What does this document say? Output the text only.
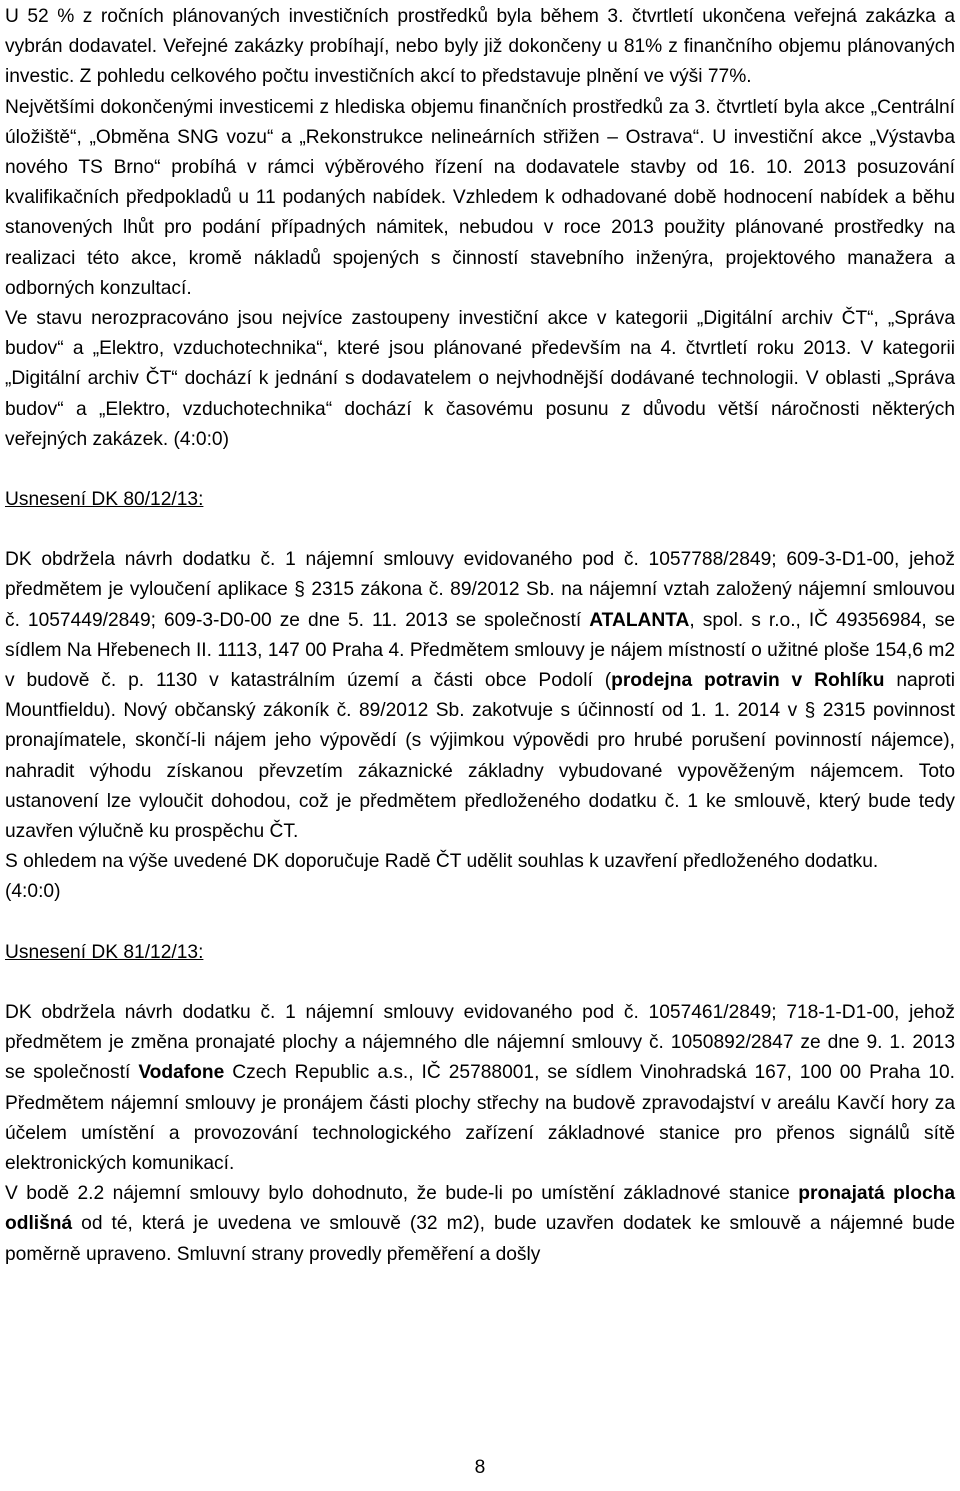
U 52 % z ročních plánovaných investičních prostředků byla během 3. čtvrtletí ukončena veřejná zakázka a vybrán dodavatel. Veřejné zakázky probíhají, nebo byly již dokončeny u 81% z finančního objemu plánovaných investic. Z pohledu celkového počtu investičních akcí to představuje plnění ve výši 77%.

Největšími dokončenými investicemi z hlediska objemu finančních prostředků za 3. čtvrtletí byla akce „Centrální úložiště“, „Obměna SNG vozu“ a „Rekonstrukce nelineárních střižen – Ostrava“. U investiční akce „Výstavba nového TS Brno“ probíhá v rámci výběrového řízení na dodavatele stavby od 16. 10. 2013 posuzování kvalifikačních předpokladů u 11 podaných nabídek. Vzhledem k odhadované době hodnocení nabídek a běhu stanovených lhůt pro podání případných námitek, nebudou v roce 2013 použity plánované prostředky na realizaci této akce, kromě nákladů spojených s činností stavebního inženýra, projektového manažera a odborných konzultací.

Ve stavu nerozpracováno jsou nejvíce zastoupeny investiční akce v kategorii „Digitální archiv ČT“, „Správa budov“ a „Elektro, vzduchotechnika“, které jsou plánované především na 4. čtvrtletí roku 2013. V kategorii „Digitální archiv ČT“ dochází k jednání s dodavatelem o nejvhodnější dodávané technologii. V oblasti „Správa budov“ a „Elektro, vzduchotechnika“ dochází k časovému posunu z důvodu větší náročnosti některých veřejných zakázek. (4:0:0)

Usnesení DK 80/12/13:

DK obdržela návrh dodatku č. 1 nájemní smlouvy evidovaného pod č. 1057788/2849; 609-3-D1-00, jehož předmětem je vyloučení aplikace § 2315 zákona č. 89/2012 Sb. na nájemní vztah založený nájemní smlouvou č. 1057449/2849; 609-3-D0-00 ze dne 5. 11. 2013 se společností ATALANTA, spol. s r.o., IČ 49356984, se sídlem Na Hřebenech II. 1113, 147 00 Praha 4. Předmětem smlouvy je nájem místností o užitné ploše 154,6 m2 v budově č. p. 1130 v katastrálním území a části obce Podolí (prodejna potravin v Rohlíku naproti Mountfieldu). Nový občanský zákoník č. 89/2012 Sb. zakotvuje s účinností od 1. 1. 2014 v § 2315 povinnost pronajímatele, skončí-li nájem jeho výpovědí (s výjimkou výpovědi pro hrubé porušení povinností nájemce), nahradit výhodu získanou převzetím zákaznické základny vybudované vypověženým nájemcem. Toto ustanovení lze vyloučit dohodou, což je předmětem předloženého dodatku č. 1 ke smlouvě, který bude tedy uzavřen výlučně ku prospěchu ČT.

S ohledem na výše uvedené DK doporučuje Radě ČT udělit souhlas k uzavření předloženého dodatku.

(4:0:0)

Usnesení DK 81/12/13:

DK obdržela návrh dodatku č. 1 nájemní smlouvy evidovaného pod č. 1057461/2849; 718-1-D1-00, jehož předmětem je změna pronajaté plochy a nájemného dle nájemní smlouvy č. 1050892/2847 ze dne 9. 1. 2013 se společností Vodafone Czech Republic a.s., IČ 25788001, se sídlem Vinohradská 167, 100 00 Praha 10. Předmětem nájemní smlouvy je pronájem části plochy střechy na budově zpravodajství v areálu Kavčí hory za účelem umístění a provozování technologického zařízení základnové stanice pro přenos signálů sítě elektronických komunikací.

V bodě 2.2 nájemní smlouvy bylo dohodnuto, že bude-li po umístění základnové stanice pronajatá plocha odlišná od té, která je uvedena ve smlouvě (32 m2), bude uzavřen dodatek ke smlouvě a nájemné bude poměrně upraveno. Smluvní strany provedly přeměření a došly

8
